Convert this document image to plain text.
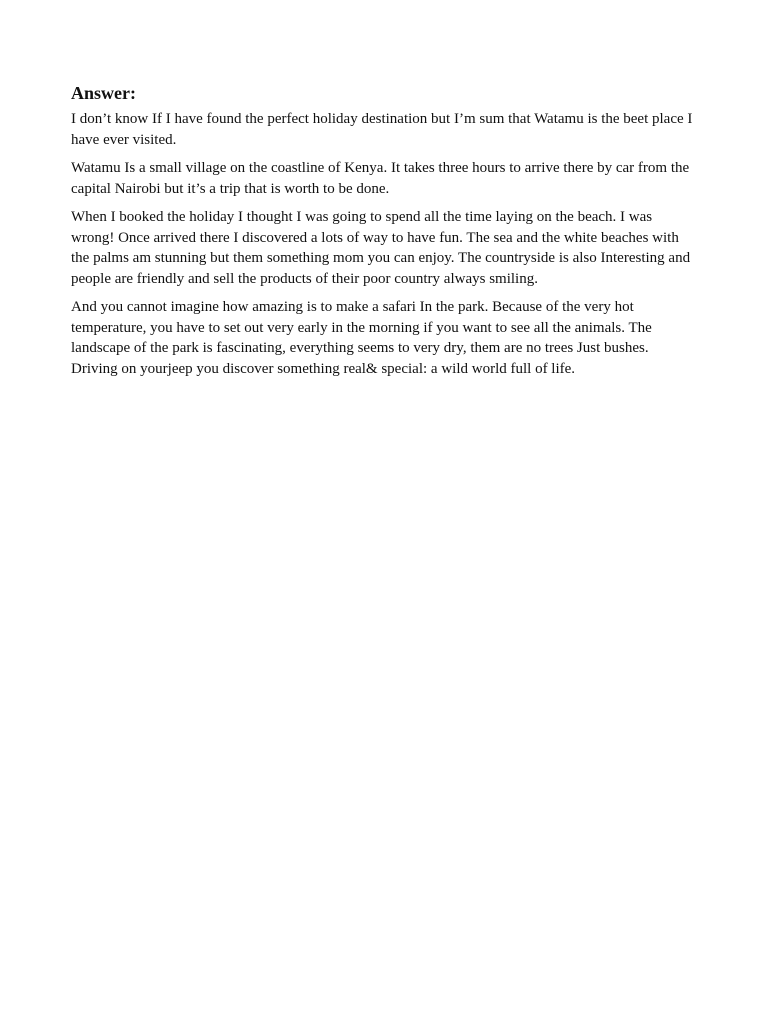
Answer:

I don’t know If I have found the perfect holiday destination but I’m sum that Watamu is the beet place I have ever visited.

Watamu Is a small village on the coastline of Kenya. It takes three hours to arrive there by car from the capital Nairobi but it’s a trip that is worth to be done.

When I booked the holiday I thought I was going to spend all the time laying on the beach. I was wrong! Once arrived there I discovered a lots of way to have fun. The sea and the white beaches with the palms am stunning but them something mom you can enjoy. The countryside is also Interesting and people are friendly and sell the products of their poor country always smiling.

And you cannot imagine how amazing is to make a safari In the park. Because of the very hot temperature, you have to set out very early in the morning if you want to see all the animals. The landscape of the park is fascinating, everything seems to very dry, them are no trees Just bushes. Driving on yourjeep you discover something real& special: a wild world full of life.
